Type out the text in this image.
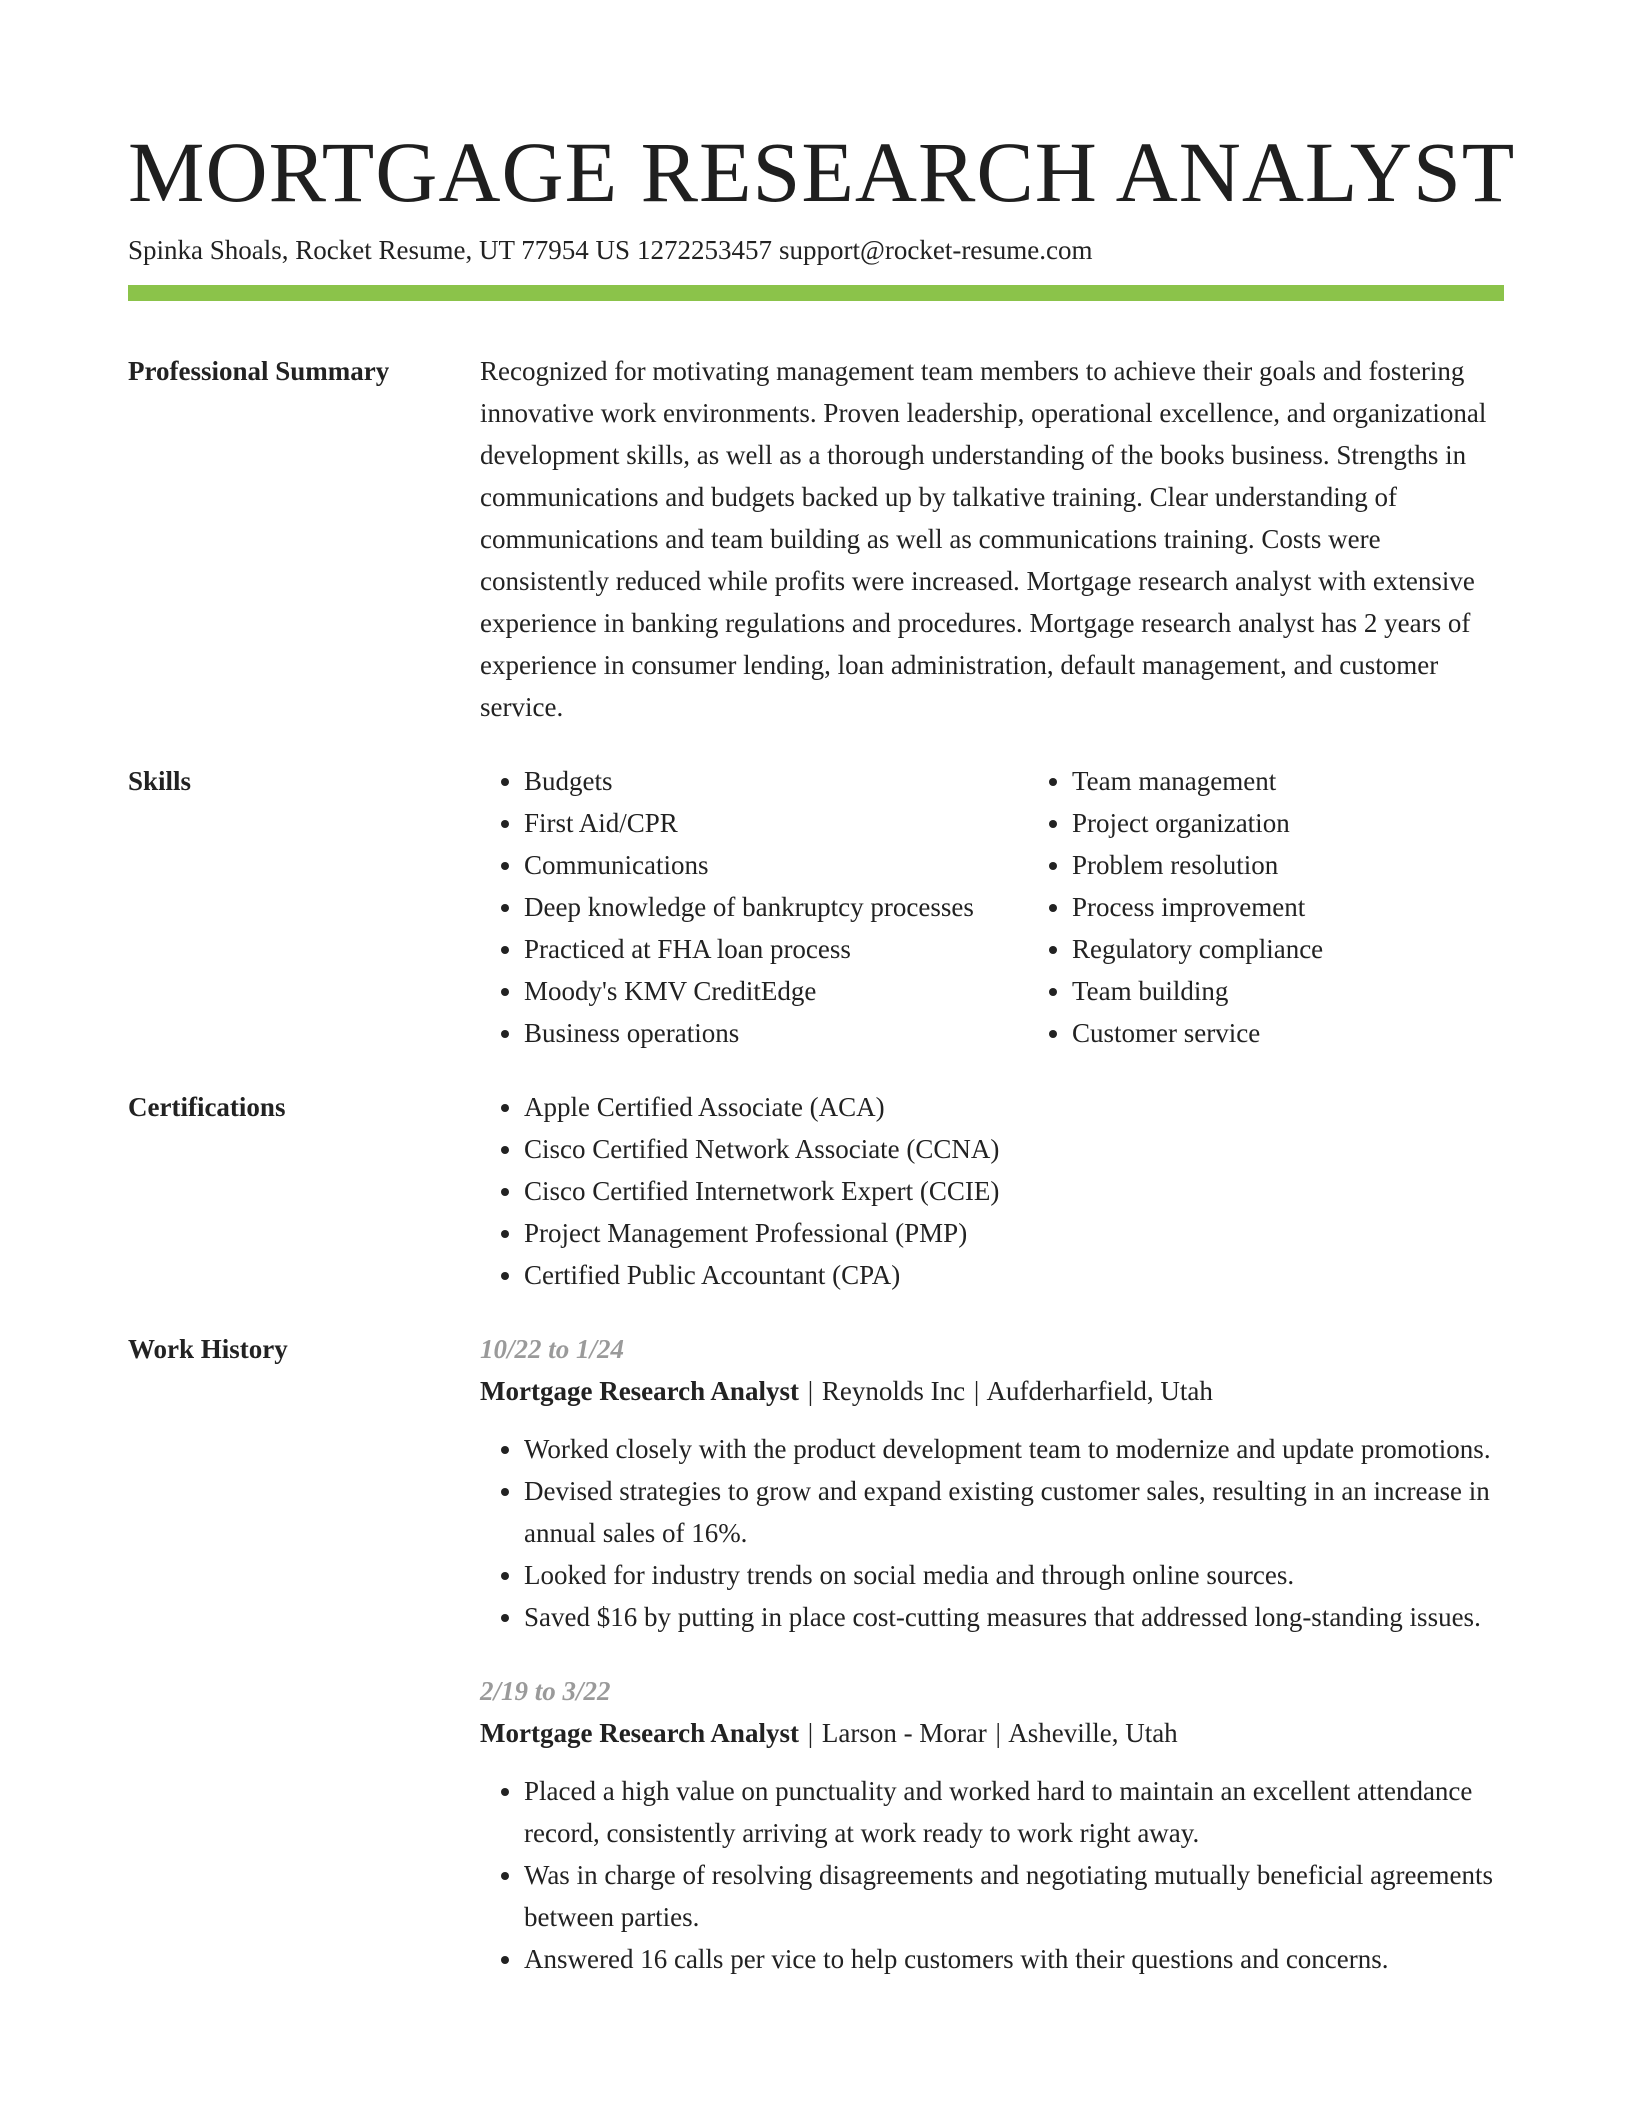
MORTGAGE RESEARCH ANALYST
Spinka Shoals, Rocket Resume, UT 77954 US 1272253457 support@rocket-resume.com
Professional Summary	Recognized for motivating management team members to achieve their goals and fostering innovative work environments. Proven leadership, operational excellence, and organizational development skills, as well as a thorough understanding of the books business. Strengths in communications and budgets backed up by talkative training. Clear understanding of communications and team building as well as communications training. Costs were consistently reduced while profits were increased. Mortgage research analyst with extensive experience in banking regulations and procedures. Mortgage research analyst has 2 years of experience in consumer lending, loan administration, default management, and customer service.

Skills	• Budgets
• First Aid/CPR
• Communications
• Deep knowledge of bankruptcy processes
• Practiced at FHA loan process
• Moody's KMV CreditEdge
• Business operations
• Team management
• Project organization
• Problem resolution
• Process improvement
• Regulatory compliance
• Team building
• Customer service
Certifications	• Apple Certified Associate (ACA)
• Cisco Certified Network Associate (CCNA)
• Cisco Certified Internetwork Expert (CCIE)
• Project Management Professional (PMP)
• Certified Public Accountant (CPA)
Work History	10/22 to 1/24
Mortgage Research Analyst | Reynolds Inc | Aufderharfield, Utah
• Worked closely with the product development team to modernize and update promotions.
• Devised strategies to grow and expand existing customer sales, resulting in an increase in annual sales of 16%.
• Looked for industry trends on social media and through online sources.
• Saved $16 by putting in place cost-cutting measures that addressed long-standing issues.
2/19 to 3/22
Mortgage Research Analyst | Larson - Morar | Asheville, Utah
• Placed a high value on punctuality and worked hard to maintain an excellent attendance record, consistently arriving at work ready to work right away.
• Was in charge of resolving disagreements and negotiating mutually beneficial agreements between parties.
• Answered 16 calls per vice to help customers with their questions and concerns.
